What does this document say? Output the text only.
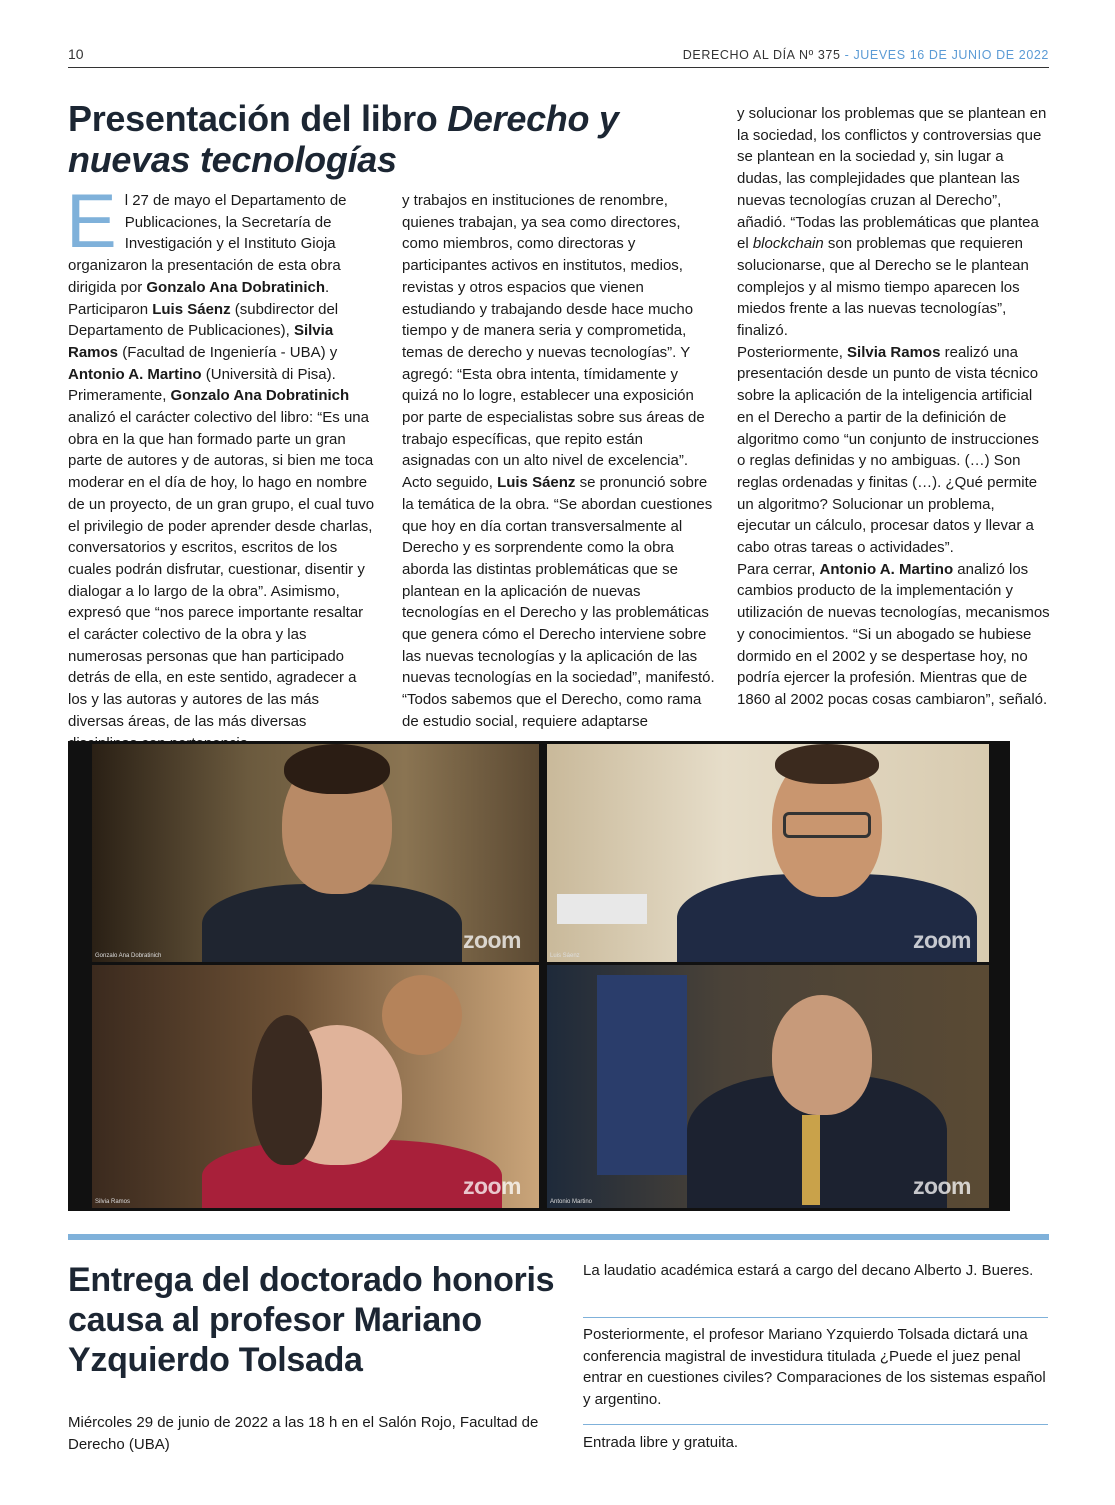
10	DERECHO AL DÍA Nº 375 - JUEVES 16 DE JUNIO DE 2022
Presentación del libro Derecho y nuevas tecnologías

El 27 de mayo el Departamento de Publicaciones, la Secretaría de Investigación y el Instituto Gioja organizaron la presentación de esta obra dirigida por Gonzalo Ana Dobratinich. Participaron Luis Sáenz (subdirector del Departamento de Publicaciones), Silvia Ramos (Facultad de Ingeniería - UBA) y Antonio A. Martino (Università di Pisa).

Primeramente, Gonzalo Ana Dobratinich analizó el carácter colectivo del libro: “Es una obra en la que han formado parte un gran parte de autores y de autoras, si bien me toca moderar en el día de hoy, lo hago en nombre de un proyecto, de un gran grupo, el cual tuvo el privilegio de poder aprender desde charlas, conversatorios y escritos, escritos de los cuales podrán disfrutar, cuestionar, disentir y dialogar a lo largo de la obra”. Asimismo, expresó que “nos parece importante resaltar el carácter colectivo de la obra y las numerosas personas que han participado detrás de ella, en este sentido, agradecer a los y las autoras y autores de las más diversas áreas, de las más diversas

y trabajos en instituciones de renombre, quienes trabajan, ya sea como directores, como miembros, como directoras y participantes activos en institutos, medios, revistas y otros espacios que vienen estudiando y trabajando desde hace mucho tiempo y de manera seria y comprometida, temas de derecho y nuevas tecnologías”. Y agregó: “Esta obra intenta, tímidamente y quizá no lo logre, establecer una exposición por parte de especialistas sobre sus áreas de trabajo específicas, que repito están asignadas con un alto nivel de excelencia”.

Acto seguido, Luis Sáenz se pronunció sobre la temática de la obra. “Se abordan cuestiones que hoy en día cortan transversalmente al Derecho y es sorprendente como la obra aborda las distintas problemáticas que se plantean en la aplicación de nuevas tecnologías en el Derecho y las problemáticas que genera cómo el Derecho interviene sobre las nuevas tecnologías y la aplicación de las nuevas tecnologías en la sociedad”, manifestó. “Todos sabemos que el Derecho, como rama de estudio social, requiere adaptarse

y solucionar los problemas que se plantean en la sociedad, los conflictos y controversias que se plantean en la sociedad y, sin lugar a dudas, las complejidades que plantean las nuevas tecnologías cruzan al Derecho”, añadió. “Todas las problemáticas que plantea el blockchain son problemas que requieren solucionarse, que al Derecho se le plantean complejos y al mismo tiempo aparecen los miedos frente a las nuevas tecnologías”, finalizó.

Posteriormente, Silvia Ramos realizó una presentación desde un punto de vista técnico sobre la aplicación de la inteligencia artificial en el Derecho a partir de la definición de algoritmo como “un conjunto de instrucciones o reglas definidas y no ambiguas. (…) Son reglas ordenadas y finitas (…). ¿Qué permite un algoritmo? Solucionar un problema, ejecutar un cálculo, procesar datos y llevar a cabo otras tareas o actividades”.

Para cerrar, Antonio A. Martino analizó los cambios producto de la implementación y utilización de nuevas tecnologías, mecanismos y conocimientos. “Si un abogado se hubiese dormido en el 2002 y se despertase hoy, no podría ejercer la profesión. Mientras que de 1860 al 2002 pocas cosas cambiaron”, señaló.

Gonzalo Ana Dobratinich
zoom
Luis Sáenz
zoom
Silvia Ramos
zoom
Antonio Martino
zoom
Entrega del doctorado honoris causa al profesor Mariano Yzquierdo Tolsada

Miércoles 29 de junio de 2022 a las 18 h en el Salón Rojo, Facultad de Derecho (UBA)

La laudatio académica estará a cargo del decano Alberto J. Bueres.

Posteriormente, el profesor Mariano Yzquierdo Tolsada dictará una conferencia magistral de investidura titulada ¿Puede el juez penal entrar en cuestiones civiles? Comparaciones de los sistemas español y argentino.

Entrada libre y gratuita.
